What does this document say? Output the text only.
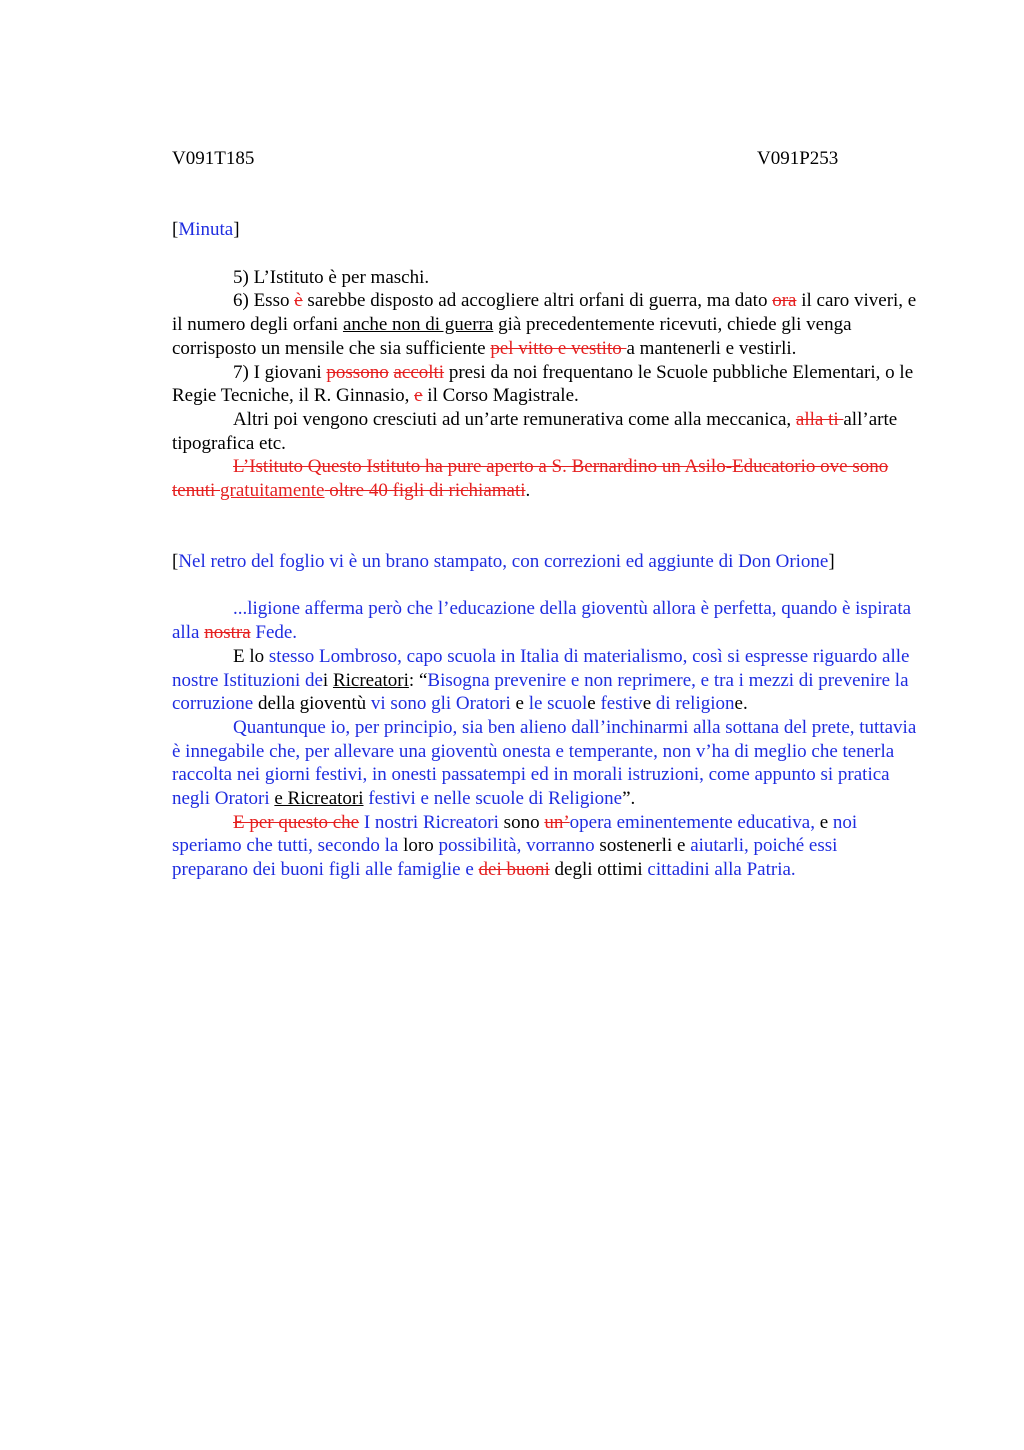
V091T185	V091P253

[Minuta]

5) L’Istituto è per maschi.

6) Esso è sarebbe disposto ad accogliere altri orfani di guerra, ma dato ora il caro viveri, e il numero degli orfani anche non di guerra già precedentemente ricevuti, chiede gli venga corrisposto un mensile che sia sufficiente pel vitto e vestito a mantenerli e vestirli.

7) I giovani possono accolti presi da noi frequentano le Scuole pubbliche Elementari, o le Regie Tecniche, il R. Ginnasio, e il Corso Magistrale.

Altri poi vengono cresciuti ad un’arte remunerativa come alla meccanica, alla ti all’arte tipografica etc.

L’Istituto Questo Istituto ha pure aperto a S. Bernardino un Asilo-Educatorio ove sono tenuti gratuitamente oltre 40 figli di richiamati.

[Nel retro del foglio vi è un brano stampato, con correzioni ed aggiunte di Don Orione]

...ligione afferma però che l’educazione della gioventù allora è perfetta, quando è ispirata alla nostra Fede.

E lo stesso Lombroso, capo scuola in Italia di materialismo, così si espresse riguardo alle nostre Istituzioni dei Ricreatori: “Bisogna prevenire e non reprimere, e tra i mezzi di prevenire la corruzione della gioventù vi sono gli Oratori e le scuole festive di religione.

Quantunque io, per principio, sia ben alieno dall’inchinarmi alla sottana del prete, tuttavia è innegabile che, per allevare una gioventù onesta e temperante, non v’ha di meglio che tenerla raccolta nei giorni festivi, in onesti passatempi ed in morali istruzioni, come appunto si pratica negli Oratori e Ricreatori festivi e nelle scuole di Religione”.

E per questo che I nostri Ricreatori sono un’opera eminentemente educativa, e noi speriamo che tutti, secondo la loro possibilità, vorranno sostenerli e aiutarli, poiché essi preparano dei buoni figli alle famiglie e dei buoni degli ottimi cittadini alla Patria.
